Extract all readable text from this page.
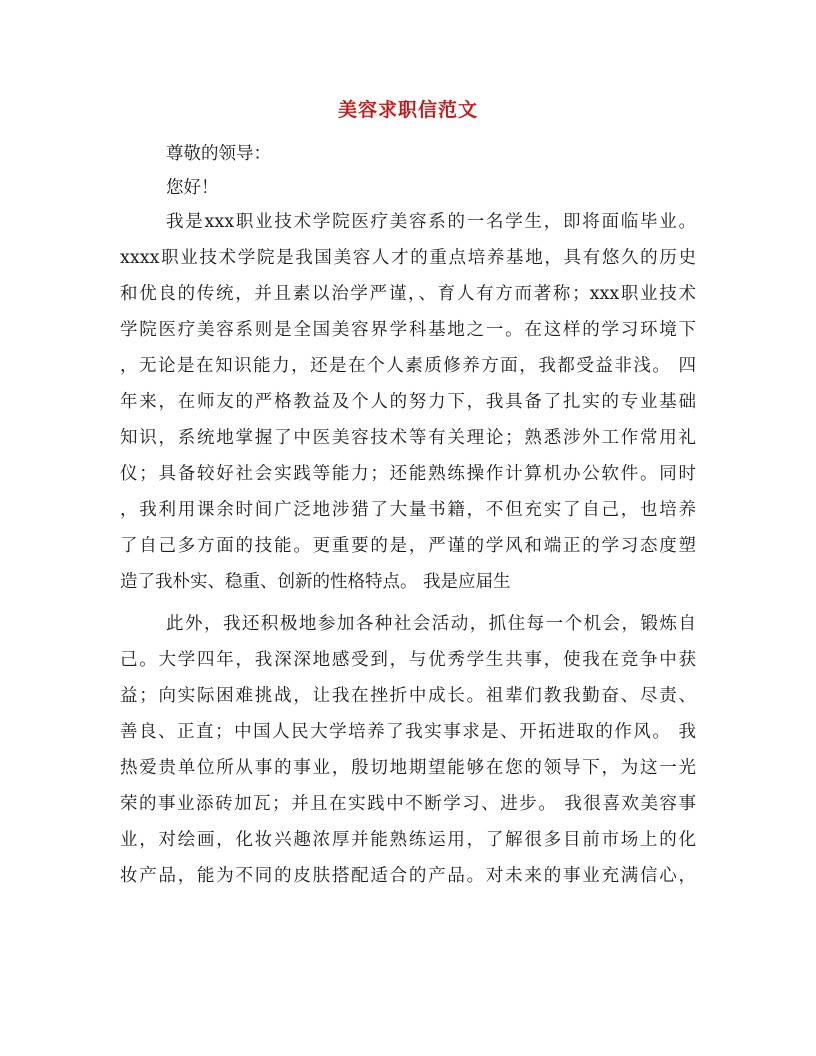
美容求职信范文

尊敬的领导：

您好！

我是xxx职业技术学院医疗美容系的一名学生，即将面临毕业。

xxxx职业技术学院是我国美容人才的重点培养基地，具有悠久的历史

和优良的传统，并且素以治学严谨，、育人有方而著称；xxx职业技术

学院医疗美容系则是全国美容界学科基地之一。在这样的学习环境下

，无论是在知识能力，还是在个人素质修养方面，我都受益非浅。 四

年来，在师友的严格教益及个人的努力下，我具备了扎实的专业基础

知识，系统地掌握了中医美容技术等有关理论；熟悉涉外工作常用礼

仪；具备较好社会实践等能力；还能熟练操作计算机办公软件。同时

，我利用课余时间广泛地涉猎了大量书籍，不但充实了自己，也培养

了自己多方面的技能。更重要的是，严谨的学风和端正的学习态度塑

造了我朴实、稳重、创新的性格特点。 我是应届生

此外，我还积极地参加各种社会活动，抓住每一个机会，锻炼自

己。大学四年，我深深地感受到，与优秀学生共事，使我在竞争中获

益；向实际困难挑战，让我在挫折中成长。祖辈们教我勤奋、尽责、

善良、正直；中国人民大学培养了我实事求是、开拓进取的作风。 我

热爱贵单位所从事的事业，殷切地期望能够在您的领导下，为这一光

荣的事业添砖加瓦；并且在实践中不断学习、进步。 我很喜欢美容事

业，对绘画，化妆兴趣浓厚并能熟练运用，了解很多目前市场上的化

妆产品，能为不同的皮肤搭配适合的产品。对未来的事业充满信心，
